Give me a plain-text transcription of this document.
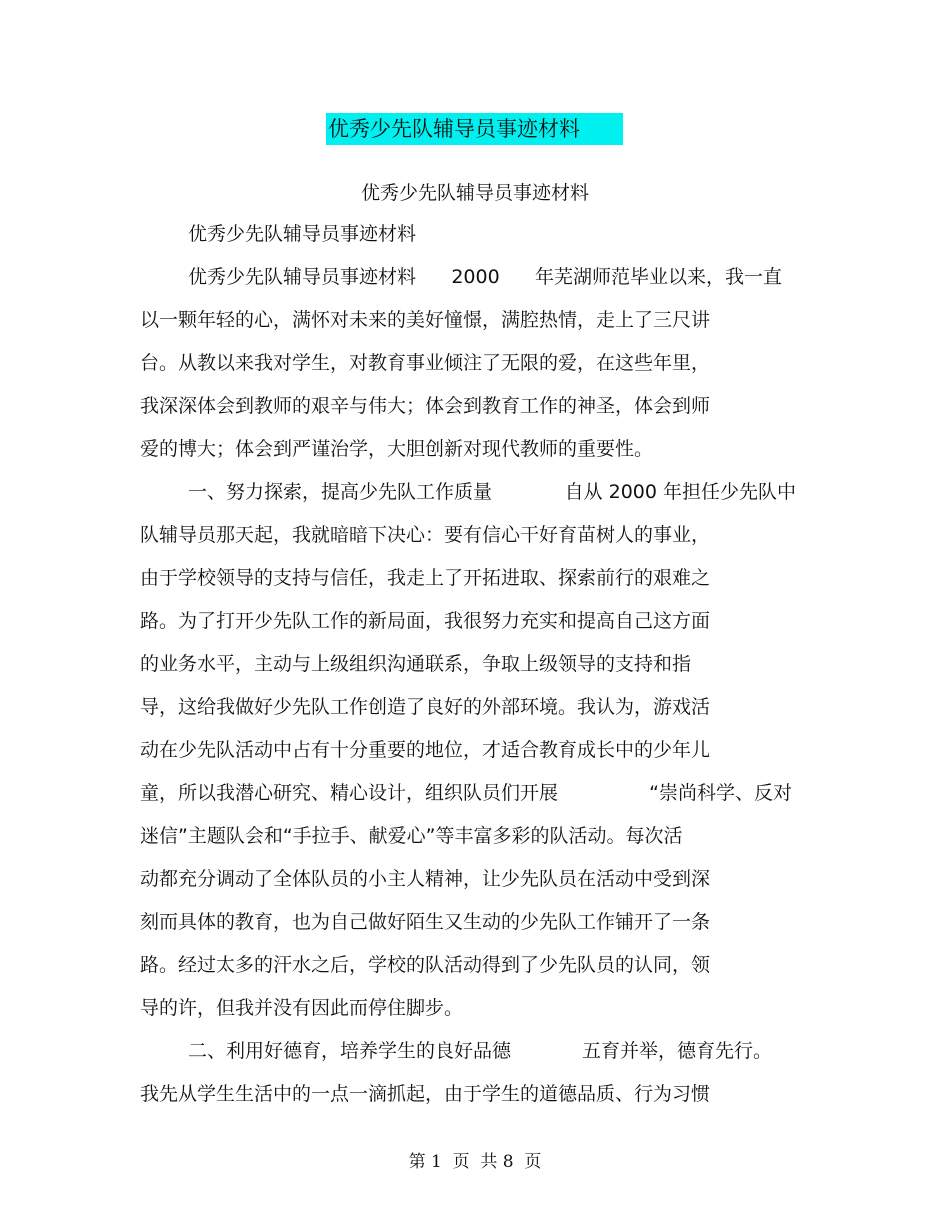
优秀少先队辅导员事迹材料
优秀少先队辅导员事迹材料
优秀少先队辅导员事迹材料
优秀少先队辅导员事迹材料 2000 年芜湖师范毕业以来，我一直
以一颗年轻的心，满怀对未来的美好憧憬，满腔热情，走上了三尺讲
台。从教以来我对学生，对教育事业倾注了无限的爱，在这些年里，
我深深体会到教师的艰辛与伟大；体会到教育工作的神圣，体会到师
爱的博大；体会到严谨治学，大胆创新对现代教师的重要性。
一、努力探索，提高少先队工作质量	自从 2000 年担任少先队中
队辅导员那天起，我就暗暗下决心：要有信心干好育苗树人的事业，
由于学校领导的支持与信任，我走上了开拓进取、探索前行的艰难之
路。为了打开少先队工作的新局面，我很努力充实和提高自己这方面
的业务水平，主动与上级组织沟通联系，争取上级领导的支持和指
导，这给我做好少先队工作创造了良好的外部环境。我认为，游戏活
动在少先队活动中占有十分重要的地位，才适合教育成长中的少年儿
童，所以我潜心研究、精心设计，组织队员们开展	“崇尚科学、反对
迷信”主题队会和“手拉手、献爱心”等丰富多彩的队活动。每次活
动都充分调动了全体队员的小主人精神，让少先队员在活动中受到深
刻而具体的教育，也为自己做好陌生又生动的少先队工作铺开了一条
路。经过太多的汗水之后，学校的队活动得到了少先队员的认同，领
导的许，但我并没有因此而停住脚步。
二、利用好德育，培养学生的良好品德	五育并举，德育先行。
我先从学生生活中的一点一滴抓起，由于学生的道德品质、行为习惯
第 1  页  共 8  页
